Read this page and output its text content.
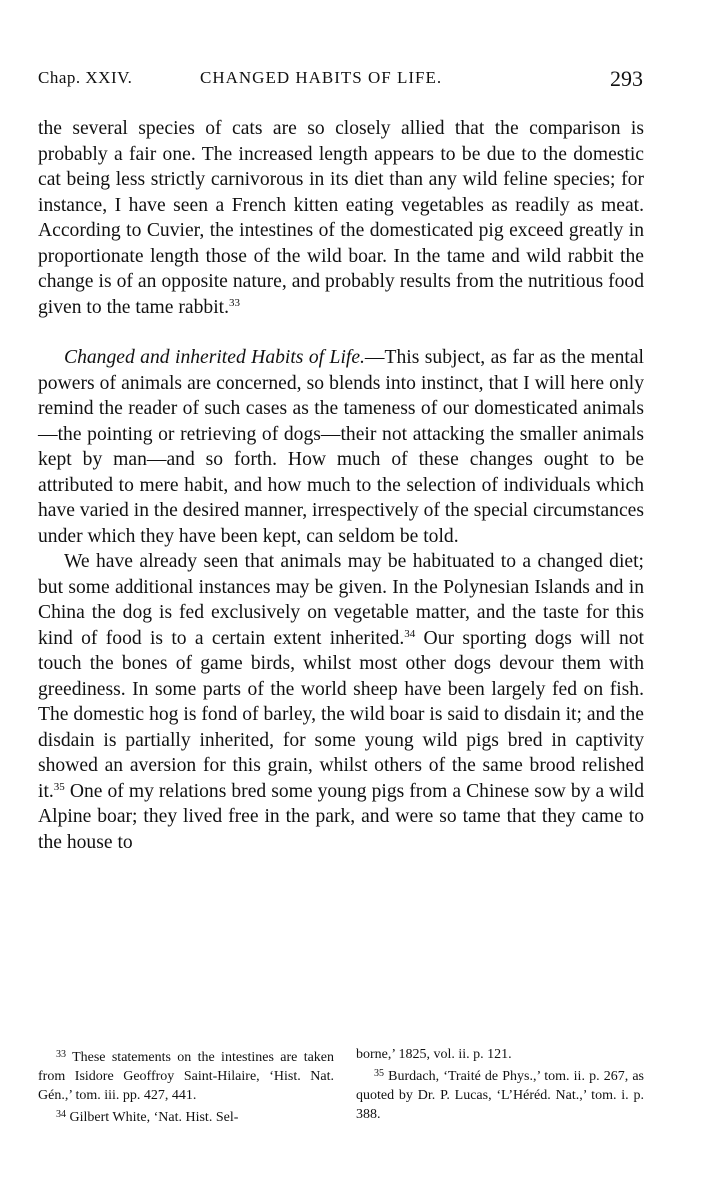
Chap. XXIV.	CHANGED HABITS OF LIFE.	293

the several species of cats are so closely allied that the comparison is probably a fair one. The increased length appears to be due to the domestic cat being less strictly carnivorous in its diet than any wild feline species; for instance, I have seen a French kitten eating vegetables as readily as meat. According to Cuvier, the intestines of the domesticated pig exceed greatly in proportionate length those of the wild boar. In the tame and wild rabbit the change is of an opposite nature, and probably results from the nutritious food given to the tame rabbit.$^{33}$

Changed and inherited Habits of Life.—This subject, as far as the mental powers of animals are concerned, so blends into instinct, that I will here only remind the reader of such cases as the tameness of our domesticated animals—the pointing or retrieving of dogs—their not attacking the smaller animals kept by man—and so forth. How much of these changes ought to be attributed to mere habit, and how much to the selection of individuals which have varied in the desired manner, irrespectively of the special circumstances under which they have been kept, can seldom be told.

We have already seen that animals may be habituated to a changed diet; but some additional instances may be given. In the Polynesian Islands and in China the dog is fed exclusively on vegetable matter, and the taste for this kind of food is to a certain extent inherited.$^{34}$ Our sporting dogs will not touch the bones of game birds, whilst most other dogs devour them with greediness. In some parts of the world sheep have been largely fed on fish. The domestic hog is fond of barley, the wild boar is said to disdain it; and the disdain is partially inherited, for some young wild pigs bred in captivity showed an aversion for this grain, whilst others of the same brood relished it.$^{35}$ One of my relations bred some young pigs from a Chinese sow by a wild Alpine boar; they lived free in the park, and were so tame that they came to the house to

$^{33}$ These statements on the intestines are taken from Isidore Geoffroy Saint-Hilaire, ‘Hist. Nat. Gén.,’ tom. iii. pp. 427, 441.

$^{34}$ Gilbert White, ‘Nat. Hist. Sel-

borne,’ 1825, vol. ii. p. 121.

$^{35}$ Burdach, ‘Traité de Phys.,’ tom. ii. p. 267, as quoted by Dr. P. Lucas, ‘L’Héréd. Nat.,’ tom. i. p. 388.
